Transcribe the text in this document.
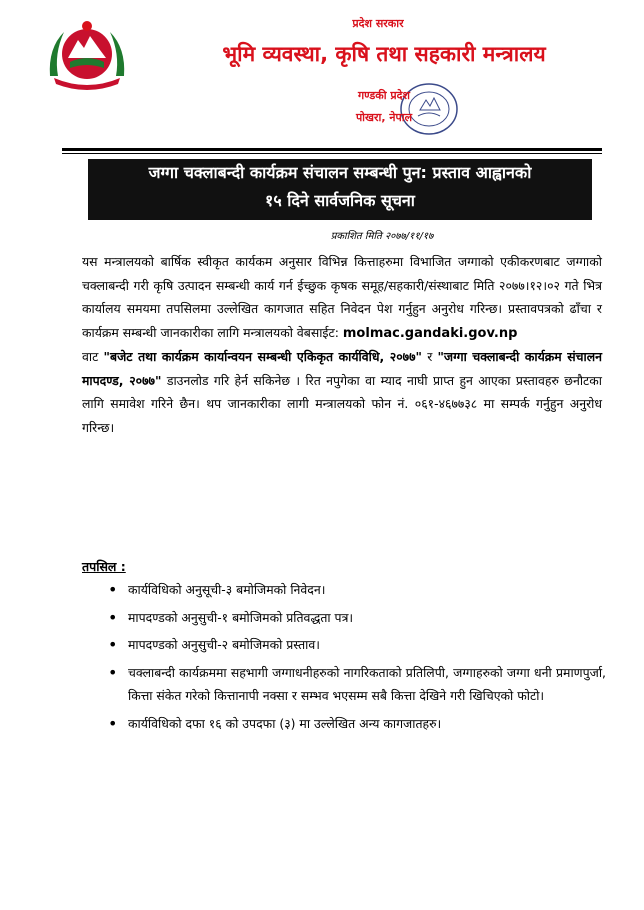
प्रदेश सरकार
भूमि व्यवस्था, कृषि तथा सहकारी मन्त्रालय
गण्डकी प्रदेश
पोखरा, नेपाल
जग्गा चक्लाबन्दी कार्यक्रम संचालन सम्बन्धी पुन: प्रस्ताव आह्वानको
१५ दिने सार्वजनिक सूचना
प्रकाशित मिति २०७७/११/१७
यस मन्त्रालयको बार्षिक स्वीकृत कार्यकम अनुसार विभिन्न कित्ताहरुमा विभाजित जग्गाको एकीकरणबाट जग्गाको चक्लाबन्दी गरी कृषि उत्पादन सम्बन्धी कार्य गर्न ईच्छुक कृषक समूह/सहकारी/संस्थाबाट मिति २०७७।१२।०२ गते भित्र कार्यालय समयमा तपसिलमा उल्लेखित कागजात सहित निवेदन पेश गर्नुहुन अनुरोध गरिन्छ। प्रस्तावपत्रको ढाँचा र कार्यक्रम सम्बन्धी जानकारीका लागि मन्त्रालयको वेबसाईट: molmac.gandaki.gov.np
वाट "बजेट तथा कार्यक्रम कार्यान्वयन सम्बन्धी एकिकृत कार्यविधि, २०७७" र "जग्गा चक्लाबन्दी कार्यक्रम संचालन मापदण्ड, २०७७" डाउनलोड गरि हेर्न सकिनेछ । रित नपुगेका वा म्याद नाघी प्राप्त हुन आएका प्रस्तावहरु छनौटका लागि समावेश गरिने छैन। थप जानकारीका लागी मन्त्रालयको फोन नं. ०६१-४६७७३८ मा सम्पर्क गर्नुहुन अनुरोध गरिन्छ।
तपसिल :
• कार्यविधिको अनुसूची-३ बमोजिमको निवेदन।
• मापदण्डको अनुसुची-१ बमोजिमको प्रतिवद्धता पत्र।
• मापदण्डको अनुसुची-२ बमोजिमको प्रस्ताव।
• चक्लाबन्दी कार्यक्रममा सहभागी जग्गाधनीहरुको नागरिकताको प्रतिलिपी, जग्गाहरुको जग्गा धनी प्रमाणपुर्जा, कित्ता संकेत गरेको कित्तानापी नक्सा र सम्भव भएसम्म सबै कित्ता देखिने गरी खिचिएको फोटो।
• कार्यविधिको दफा १६ को उपदफा (३) मा उल्लेखित अन्य कागजातहरु।
